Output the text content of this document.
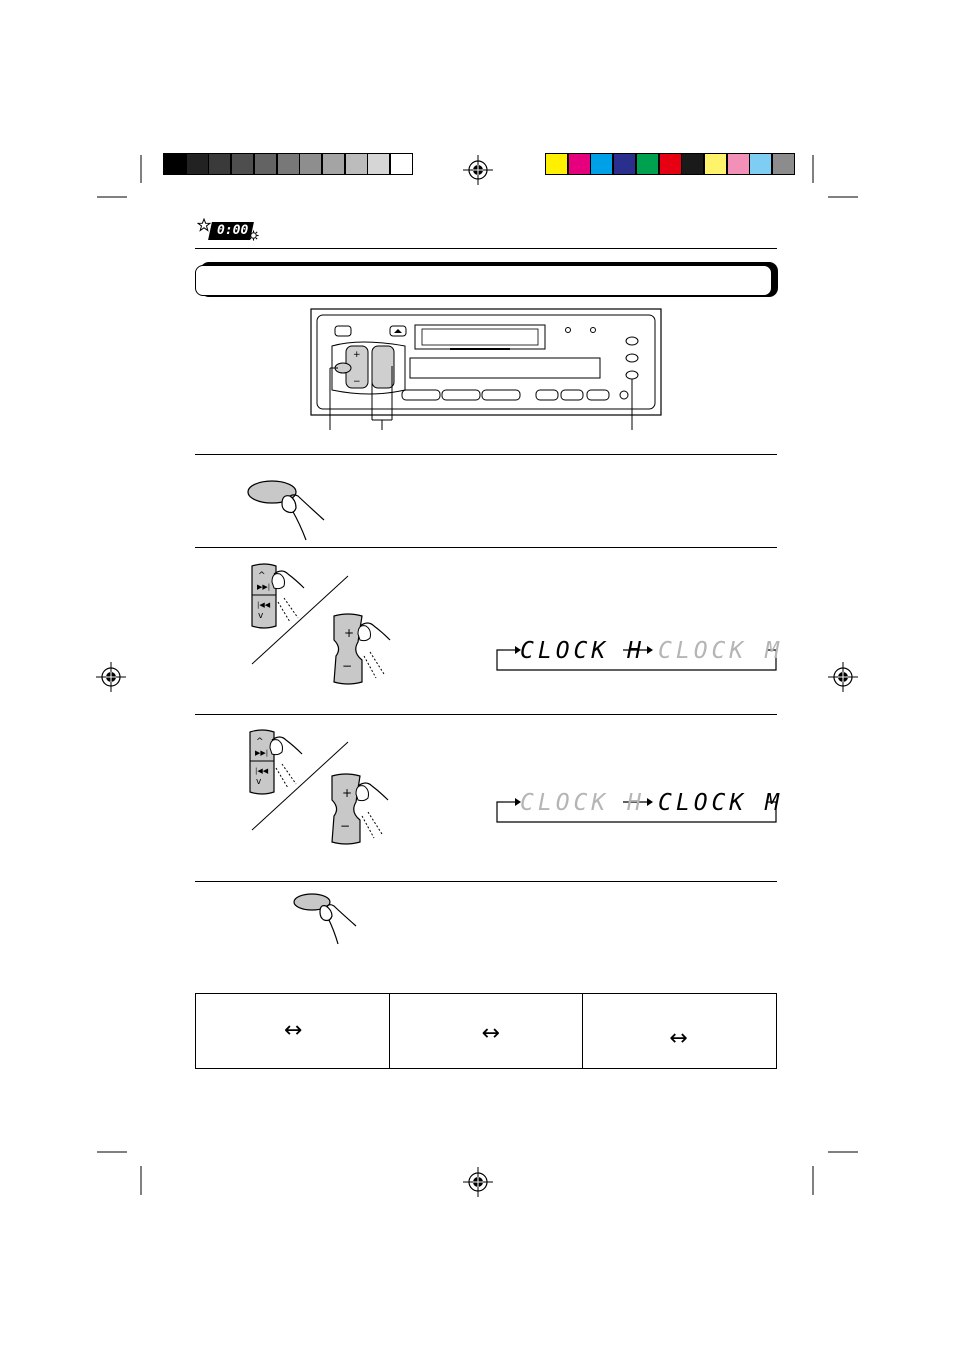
0:00
+
−
^
▶▶|
|◀◀
v
+
−
CLOCK H CLOCK M
^
▶▶|
|◀◀
v
+
−
CLOCK H CLOCK M
↔	↔	↔
